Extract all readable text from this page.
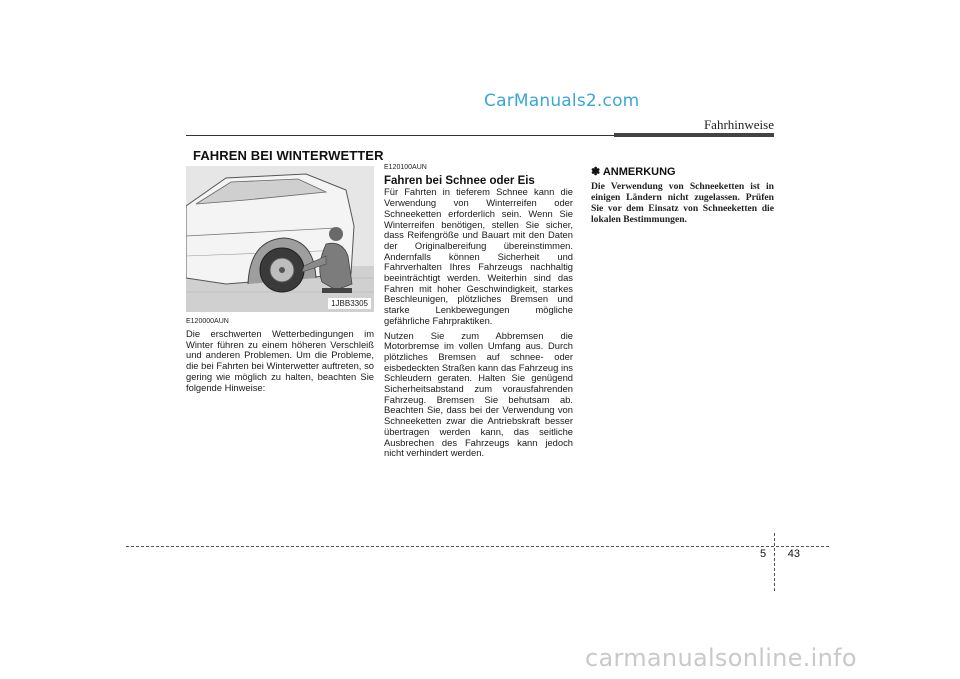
CarManuals2.com
Fahrhinweise
FAHREN BEI WINTERWETTER
1JBB3305
E120000AUN
Die erschwerten Wetterbedingungen im Winter führen zu einem höheren Verschleiß und anderen Problemen. Um die Probleme, die bei Fahrten bei Winterwetter auftreten, so gering wie möglich zu halten, beachten Sie folgende Hinweise:
E120100AUN
Fahren bei Schnee oder Eis

Für Fahrten in tieferem Schnee kann die Verwendung von Winterreifen oder Schneeketten erforderlich sein. Wenn Sie Winterreifen benötigen, stellen Sie sicher, dass Reifengröße und Bauart mit den Daten der Originalbereifung übereinstimmen. Andernfalls können Sicherheit und Fahrverhalten Ihres Fahrzeugs nachhaltig beeinträchtigt werden. Weiterhin sind das Fahren mit hoher Geschwindigkeit, starkes Beschleunigen, plötzliches Bremsen und starke Lenkbewegungen mögliche gefährliche Fahrpraktiken.

Nutzen Sie zum Abbremsen die Motorbremse im vollen Umfang aus. Durch plötzliches Bremsen auf schnee- oder eisbedeckten Straßen kann das Fahrzeug ins Schleudern geraten. Halten Sie genügend Sicherheitsabstand zum vorausfahrenden Fahrzeug. Bremsen Sie behutsam ab. Beachten Sie, dass bei der Verwendung von Schneeketten zwar die Antriebskraft besser übertragen werden kann, das seitliche Ausbrechen des Fahrzeugs kann jedoch nicht verhindert werden.

✽ ANMERKUNG
Die Verwendung von Schneeketten ist in einigen Ländern nicht zugelassen. Prüfen Sie vor dem Einsatz von Schneeketten die lokalen Bestimmungen.
5 43
carmanualsonline.info
